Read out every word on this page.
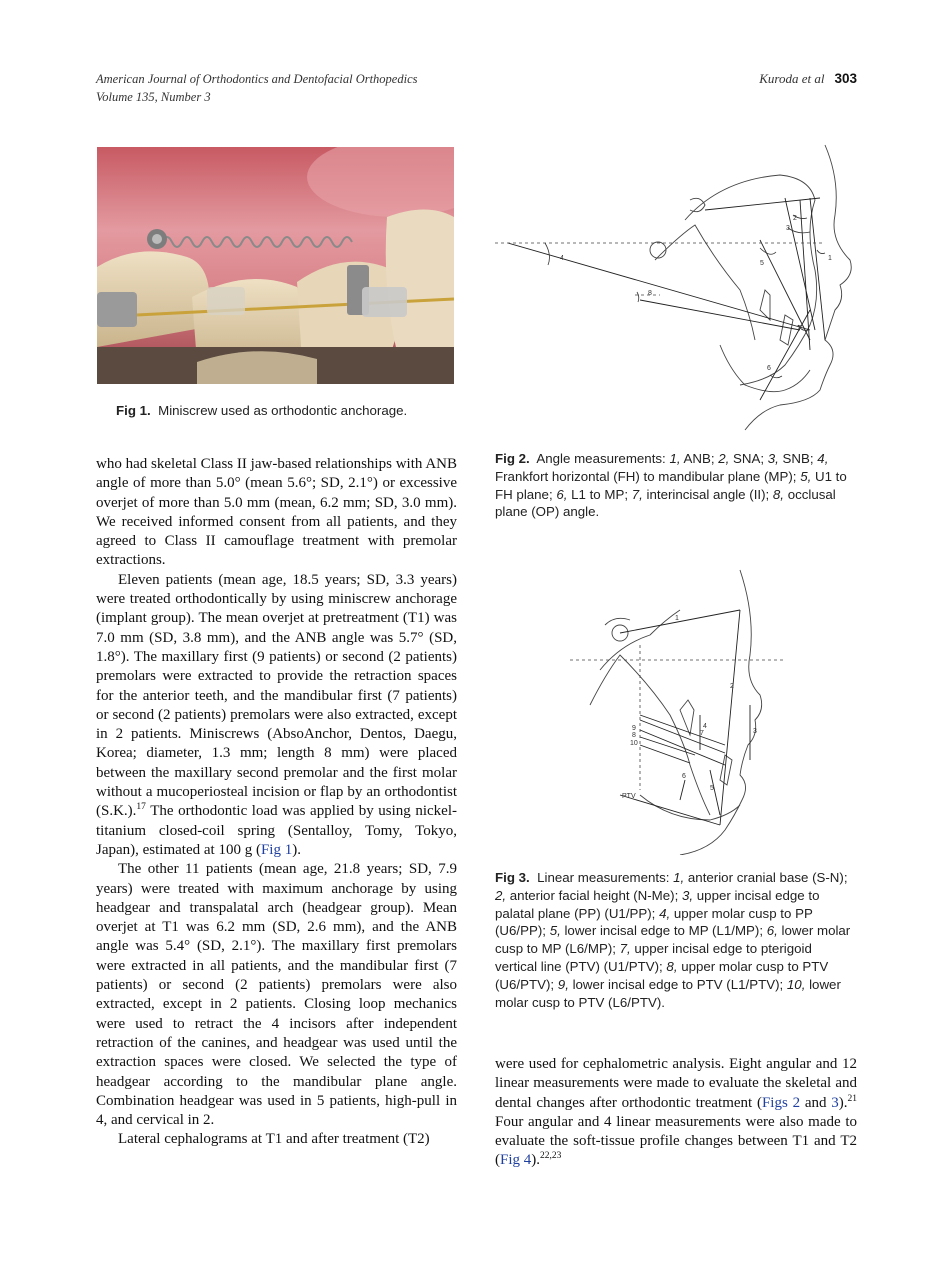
American Journal of Orthodontics and Dentofacial Orthopedics
Volume 135, Number 3
Kuroda et al 303
Fig 1. Miniscrew used as orthodontic anchorage.

who had skeletal Class II jaw-based relationships with ANB angle of more than 5.0° (mean 5.6°; SD, 2.1°) or excessive overjet of more than 5.0 mm (mean, 6.2 mm; SD, 3.0 mm). We received informed consent from all patients, and they agreed to Class II camouflage treatment with premolar extractions.

Eleven patients (mean age, 18.5 years; SD, 3.3 years) were treated orthodontically by using miniscrew anchorage (implant group). The mean overjet at pretreatment (T1) was 7.0 mm (SD, 3.8 mm), and the ANB angle was 5.7° (SD, 1.8°). The maxillary first (9 patients) or second (2 patients) premolars were extracted to provide the retraction spaces for the anterior teeth, and the mandibular first (7 patients) or second (2 patients) premolars were also extracted, except in 2 patients. Miniscrews (AbsoAnchor, Dentos, Daegu, Korea; diameter, 1.3 mm; length 8 mm) were placed between the maxillary second premolar and the first molar without a mucoperiosteal incision or flap by an orthodontist (S.K.).$^{17}$ The orthodontic load was applied by using nickel-titanium closed-coil spring (Sentalloy, Tomy, Tokyo, Japan), estimated at 100 g (Fig 1).

The other 11 patients (mean age, 21.8 years; SD, 7.9 years) were treated with maximum anchorage by using headgear and transpalatal arch (headgear group). Mean overjet at T1 was 6.2 mm (SD, 2.6 mm), and the ANB angle was 5.4° (SD, 2.1°). The maxillary first premolars were extracted in all patients, and the mandibular first (7 patients) or second (2 patients) premolars were also extracted, except in 2 patients. Closing loop mechanics were used to retract the 4 incisors after independent retraction of the canines, and headgear was used until the extraction spaces were closed. We selected the type of headgear according to the mandibular plane angle. Combination headgear was used in 5 patients, high-pull in 4, and cervical in 2.

Lateral cephalograms at T1 and after treatment (T2)

1
2
3
4
5
6
7
8
Fig 2. Angle measurements: 1, ANB; 2, SNA; 3, SNB; 4, Frankfort horizontal (FH) to mandibular plane (MP); 5, U1 to FH plane; 6, L1 to MP; 7, interincisal angle (II); 8, occlusal plane (OP) angle.
1
2
3
4
5
6
7
8
9
10
PTV
Fig 3. Linear measurements: 1, anterior cranial base (S-N); 2, anterior facial height (N-Me); 3, upper incisal edge to palatal plane (PP) (U1/PP); 4, upper molar cusp to PP (U6/PP); 5, lower incisal edge to MP (L1/MP); 6, lower molar cusp to MP (L6/MP); 7, upper incisal edge to pterigoid vertical line (PTV) (U1/PTV); 8, upper molar cusp to PTV (U6/PTV); 9, lower incisal edge to PTV (L1/PTV); 10, lower molar cusp to PTV (L6/PTV).

were used for cephalometric analysis. Eight angular and 12 linear measurements were made to evaluate the skeletal and dental changes after orthodontic treatment (Figs 2 and 3).$^{21}$ Four angular and 4 linear measurements were also made to evaluate the soft-tissue profile changes between T1 and T2 (Fig 4).$^{22,23}$
